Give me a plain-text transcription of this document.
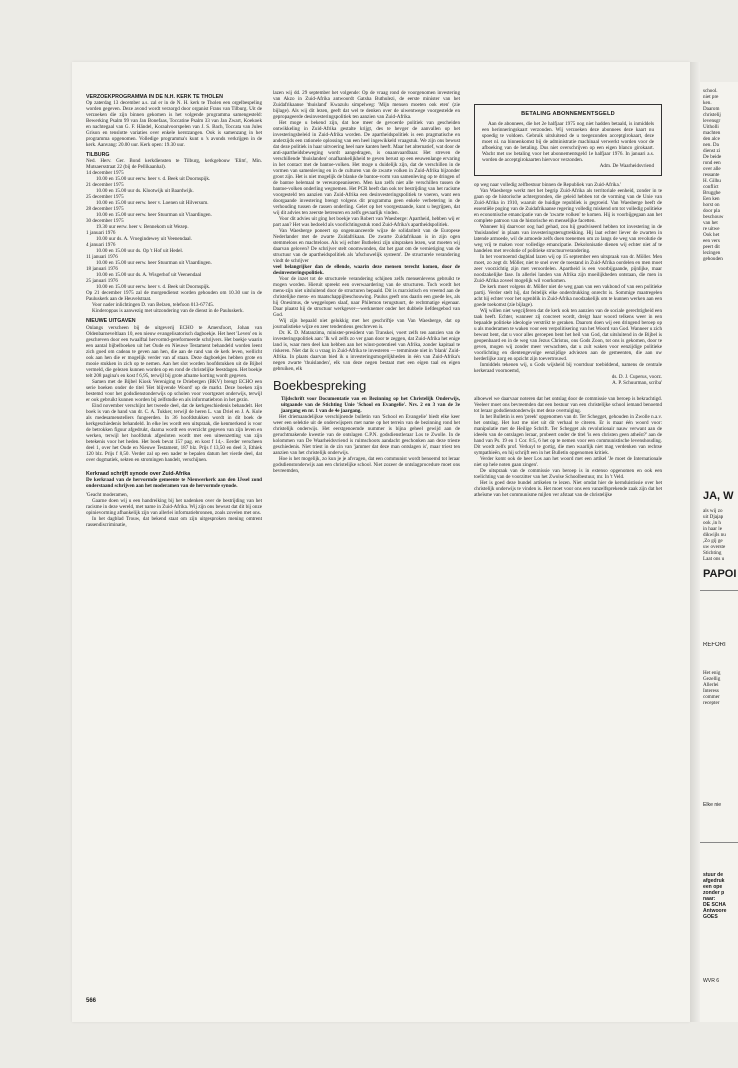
VERZOEKPROGRAMMA IN DE N.H. KERK TE THOLEN

Op zaterdag 13 december a.s. zal er in de N. H. kerk te Tholen een orgelbespeling worden gegeven. Deze avond wordt verzorgd door organist Frans van Tilburg. Uit de verzoeken die zijn binnen gekomen is het volgende programma samengesteld: Bewerking Psalm 99 van Jan Bonefaas, Toccatine Psalm 33 van Jan Zwart, Koekoek en nachtegaal van G. F. Händel, Koraalvoorspelen van J. S. Bach, Toccata van Jules Grison en tenslotte variaties over enkele kerstzangen. Ook is samenzang in het programma opgenomen. Volledige programma's kunt u 's avonds verkrijgen in de kerk. Aanvang: 20.00 uur. Kerk open: 19.30 uur.

TILBURG

Ned. Herv. Ger. Bond kerkdiensten te Tilburg, kerkgebouw 'Elim', Min. Mutsaersstraat 22 (bij de Pellikaanhal).

14 december 1975
10.00 en 15.00 uur eerw. heer v. d. Beek uit Doornspijk.
21 december 1975
10.00 en 15.00 uur ds. Klootwijk uit Baardwijk.
25 december 1975
10.00 en 15.00 uur eerw. heer v. Loenen uit Hilversum.
28 december 1975
10.00 en 15.00 uur eerw. heer Stuurman uit Vlaardingen.
30 december 1975
19.30 uur eerw. heer v. Bennekom uit Wezep.
1 januari 1976
10.00 uur ds. A. Vroegindewey uit Veenendaal.
4 januari 1976
10.00 en 15.00 uur ds. Op 't Hof uit Hedel.
11 januari 1976
10.00 en 15.00 uur eerw. heer Stuurman uit Vlaardingen.
18 januari 1976
10.00 en 15.00 uur ds. A. Wisgerhof uit Veenendaal
25 januari 1976
10.00 en 15.00 uur eerw. heer v. d. Beek uit Doornspijk.

Op 21 december 1975 zal de morgendienst worden gehouden om 10.30 uur in de Pauluskerk aan de Heuvelstraat.

Voor nader inlichtingen D. van Belzen, telefoon 013-67745.

Kinderoppas is aanwezig met uitzondering van de dienst in de Pauluskerk.

NIEUWE UITGAVEN

Onlangs verscheen bij de uitgeverij ECHO te Amersfoort, Johan van Oldenbarneveltlaan 10, een nieuw evangelisatorisch dagboekje. Het heet 'Leven' en is geschreven door een twaalftal hervormd-gereformeerde schrijvers. Het boekje waarin een aantal bijbelboeken uit het Oude en Nieuwe Testament behandeld worden leent zich goed om cadeau te geven aan hen, die aan de rand van de kerk leven, wellicht ook aan hen die er mogelijk verder van af staan. Deze dagboekjes hebben grote en mooie stukken in zich op te nemen. Aan het slot worden hoofdstukken uit de Bijbel vermeld, die gelezen kunnen worden op en rond de christelijke feestdagen. Het boekje telt 208 pagina's en kost f 6,95, terwijl bij grote afname korting wordt gegeven.

Samen met de Bijbel Kiosk Vereniging te Driebergen (BKV) brengt ECHO een serie boeken onder de titel 'Het blijvende Woord' op de markt. Deze boeken zijn bestemd voor het godsdienstonderwijs op scholen voor voortgezet onderwijs, terwijl er ook gebruikt kunnen worden bij zelfstudie en als informatiebron in het gezin.

Eind november verschijnt het tweede deel, dat de kerkgeschiedenis behandelt. Het boek is van de hand van dr. C. A. Tukker, terwijl de heren L. van Driel en J. A. Kole als medesamenstellers fungeerden. In 36 hoofdstukken wordt in dit boek de kerkgeschiedenis behandeld. In elke les wordt een uitspraak, die kenmerkend is voor de betrokken figuur afgedrukt, daarna wordt een overzicht gegeven van zijn leven en werken, terwijl het hoofdstuk afgesloten wordt met een uiteenzetting van zijn betekenis voor het heden. Het boek bevat 157 pag. en kost f 14,-. Eerder verscheen deel 1, over het Oude en Nieuwe Testament, 187 blz. Prijs f 13,50 en deel 3, Ethiek 120 blz. Prijs f 8,50. Verder zal op een nader te bepalen datum het vierde deel, dat over dogmatiek, sekten en stromingen handelt, verschijnen.

Kerkraad schrijft synode over Zuid-Afrika

De kerkraad van de hervormde gemeente te Nieuwerkerk aan den IJssel zond onderstaand schrijven aan het moderamen van de hervormde synode.

'Geacht moderamen,

Gaarne doen wij u een handreiking bij het nadenken over de bestrijding van het racisme in deze wereld, met name in Zuid-Afrika. Wij zijn ons bewust dat dit bij onze opinievorming afhankelijk zijn van allerlei informatiebronnen, zoals zovelen met ons.

In het dagblad Trouw, dat bekend staat om zijn uitgesproken mening omtrent rassendiscriminatie,

lazen wij dd. 29 september het volgende: Op de vraag rond de voorgenomen investering van Akzo in Zuid-Afrika antwoordt Gatsha Buthulezi, de eerste minister van het Zuidafrikaanse 'thuisland' Kwazulu simpelweg: 'Mijn mensen moeten ook eten' (zie bijlage). Als wij dit lezen, geeft dat wel te denken over de uiwentwege voorgestelde en gepropageerde desinvesteringspolitiek ten aanzien van Zuid-Afrika.

Het mogе u bekend zijn, dat hoe meer de gevoerde politiek van gescheiden ontwikkeling in Zuid-Afrika gestalte krijgt, des te hevger de aanvallen op het investeringsbeleid in Zuid-Afrika worden. De apartheidspolitiek is een pragmatische en anderzijds een rationele oplossing van een heel ingewikkeld vraagstuk. We zijn ons bewust dat deze politiek in haar uitvoering heel nare kanten heeft. Maar het alternatief, wat door de anti-apartheidsbeweging wordt aangedragen, is onaanvaardbaar. Het streven de verschillende 'thuislanden' onafhankelijkheid te geven berust op een eeuwenlange ervaring in het contact met de bantoe-volken. Het moge u duidelijk zijn, dat de verschillen in de vormen van samenleving en in de culturen van de zwarte volken in Zuid-Afrika bijzonder groot zijn. Het is niet mogelijk de blanke de bantoe-vorm van samenleving op te dringen of de bantoe helemaal te vereuropeaniseren. Men kan zelfs niet alle verschillen tussen de bantoe-volken onderling wegnemen. Het PCR heeft dan ook ter bestrijding van het racisme voorgesteld ten aanzien van Zuid-Afrika een desinvesteringspolitiek te voeren, want een doorgaande investering brengt volgens dit programma geen enkele verbetering in de verhouding tussen de rassen onderling. Gelet op het voorgestaande, kunt u begrijpen, dat wij dit advies ten zeerste betreuren en zelfs gevaarlijk vinden.

Voor dit advies uit ging het boekje van Robert van Waesberge: Apartheid, hebben wij er part aan? Het was bedoeld als voorlichtingsstuk rond Zuid-Afrika's apartheidspolitiek.

Van Waesberge poneert op ongenuanceerde wijze de solidariteit van de Europese Nederlander met de zwarte Zuidafrikaan. De zwarte Zuidafrikaan is in zijn ogen stemmeloos en machteloos. Als wij echter Buthelezi zijn uitspraken lezen, wat moeten wij daarvan geloven? De schrijver stelt onomwonden, dat het gaat om de vernietiging van de structuur van de apartheidspolitiek als 'afschuwelijk systeem'. De structurele verandering vindt de schrijver

veel belangrijker dan de ellende, waarin deze mensen terecht komen, door de desinvesteringspolitiek.

Voor de inzet tot de structurele verandering schijnen zelfs mensenlevens gebruikt te mogen worden. Hieruit spreekt een overwaardering van de structuren. Toch wordt het mens-zijn niet uitsluitend door de structuren bepaald. Dit is marxistisch en vreemd aan de christelijke mens- en maatschappijbeschouwing. Paulus geeft ons daarin een goede les, als hij Onesimus, de weggelopen slaaf, naar Philemon terugstuurt, de rechtmatige eigenaar. Daar plaatst hij de structuur werkgever—werknemer onder het dubbele liefdesgebod van God.

Wij zijn bepaald niet gelukkig met het geschriftje van Van Waesberge, dat op journalistieke wijze en zeer tendentieus geschreven is.

Dr. K. D. Matanzima, minister-president van Transkei, voert zelfs ten aanzien van de investeringspolitiek aan: 'Ik wil zelfs zo ver gaan door te zeggen, dat Zuid-Afrika het enige land is, waar men deel kan hebben aan het winst-potentieel van Afrika, zonder kapitaal te riskeren. Niet dat ik u vraag in Zuid-Afrika te investeren — temminste niet in 'blank' Zuid-Afrika. In plaats daarvan bied ik u investeringsmogelijkheden in één van Zuid-Afrika's negen zwarte 'thuislanden', elk van deze negen bestaat met een eigen taal en eigen gebruiken, elk

Boekbespreking

Tijdschrift voor Documentatie van en Bezinning op het Christelijk Onderwijs, uitgaande van de Stichting Unie 'School en Evangelie'. Nrs. 2 en 3 van de 3e jaargang en nr. 1 van de 4e jaargang.

Het driemaandelijkse verschijnende bulletin van 'School en Evangelie' biedt elke keer weer een selektie uit de onderwijspers met name op het terrein van de bezinning rond het christelijk onderwijs. Het eerstgenoemde nummer is bijna geheel gewijd aan de geruchtmakende kwestie van de ontslagen C.P.N. godsdienstleraar Los te Zwolle. In de kolommen van De Waarheidsvriend is ruimschoots aandacht geschonken aan deze trieste geschiedenis. Niet triest in de zin van 'jammer dat deze man ontslagen is', maar triest ten aanzien van het christelijk onderwijs.

Hoe is het mogelijk, zo kun je je afvragen, dat een communist wordt benoemd tot leraar godsdienstonderwijs aan een christelijke school. Niet zozeer de ontslagprocedure moet ons bevreemden,

BETALING ABONNEMENTSGELD

Aan de abonnees, die het 2e halfjaar 1975 nog niet hadden betaald, is inmiddels een herinneringskaart verzonden. Wij verzoeken deze abonnees deze kaart nu spoedig te voldoen. Gebruik uitsluitend de u toegezonden acceptgirokaart, deze moet nl. na binnenkomst bij de administratie machinaal verwerkt worden voor de afboeking van de betaling. Dus niet overschrijven op een eigen blanco girokaart. Wacht met uw betaling voor het abonnementsgeld 1e halfjaar 1976. In januari a.s. worden de acceptgirokaarten hiervoor verzonden.

Adm. De Waarheidsvriend

op weg naar volledig zelfbestuur binnen de Republiek van Zuid-Afrika.'

Van Waesberge werkt met het begrip Zuid-Afrika als territoriale eenheid, zonder in te gaan op de historische achtergronden, die geleid hebben tot de vorming van de Unie van Zuid-Afrika in 1910, waaruit de huidige republiek is gegroeid. Van Waesberge heeft de essentiële poging van de Zuidafrikaanse regering volledig miskend om tot volledig politieke en economische emancipatie van de 'zwarte volken' te komen. Hij is voorbijgegaan aan het complete patroon van de historische en menselijke facetten.

Wanneer hij daarvoor oog had gehad, zou hij geadviseerd hebben tot investering in de 'thuislanden' in plaats van investeringsterugtrekking. Hij laat echter liever de zwarten in latende armoede, wil de armoede zelfs doen toenemen om zo langs de weg van revolutie de weg vrij te maken voor volledige emancipatie. Dekolonisatie dienen wij echter niet af te handelen met revolutie of politieke structuurverandering.

In het voornoemd dagblad lazen wij op 15 september een uitspraak van dr. Möller. Men moet, zo zegt dr. Möller, niet te snel over de toestand in Zuid-Afrika oordelen en men moet zeer voorzichtig zijn met veroordelen. Apartheid is een voorbijgaande, pijnlijke, maar noodzakelijke fase. In allerlei landen van Afrika zijn moeilijkheden ontstaan, die men in Zuid-Afrika zoveel mogelijk wil voorkomen.

De kerk moet volgens dr. Möller niet de weg gaan van een vakbond of van een politieke partij. Verder stelt hij, dat feitelijk elke onderdrukking onrecht is. Sommige maatregelen acht hij echter voor het ogenblik in Zuid-Afrika noodzakelijk om te kunnen werken aan een goede toekomst (zie bijlage).

Wij willen niet wegcijferen dat de kerk ook ten aanzien van de sociale gerechtigheid een taak heeft. Echter, wanneer zij concreet wordt, dreigt haar woord telkens weer in een bepaalde politieke ideologie verstrikt te geraken. Daarom doen wij een dringend beroep op u als moderamen te waken voor een verpolitisering van het Woord van God. Wanneer u zich bewust bent, dat u voor alles geroepen bent het heil van God, dat uitsluitend in de Bijbel is geopenbaard en in de weg van Jezus Christus, ons Gods Zoon, tot ons is gekomen, door te geven, mogen wij zonder meer verwachten, dat u zult waken voor eenzijdige politieke voorlichting en dientengevolge eenzijdige adviezen aan de gemeenten, die aan uw herderlijke zorg en opzicht zijn toevertrouwd.

Inmiddels tekenen wij, u Gods wijsheid bij voortduur toebiddend, namens de centrale kerkeraad voornoemd,

ds. D. J. Cuperus, voorz.

A. P. Schuurman, scriba'

alboewel we daarvaar noteren dat het ontslag door de commissie van beroep is bekrachtigd. Veeleer moet ons bevreemden dat een bestuur van een christelijke school iemand benoemd tot leraar godsdienstonderwijs met deze overtuiging.

In het Bulletin is een 'preek' opgenomen van dr. Ter Schegget, gehouden in Zwolle n.a.v. het ontslag. Het lust me niet uit dit verhaal te citeren. Er is maar één woord voor: manipulatie met de Heilige Schrift. Ter Schegget als revolutionair nauw verwant aan de ideeën van de ontslagen leraar, probeert onder de titel 'is een christen geen atheïst?' aan de hand van Ps. 19 en 1 Cor. 8:5, 6 het op te nemen voor een communistische levenshouding. Dit wordt zelfs prof. Verkuyl te gortig, die men waarlijk niet mag verdenken van rechtse sympathieën, en hij schrijft een in het Bulletin opgenomen kritiek.

Verder komt ook de heer Los aan het woord met een artikel 'Je moet de Internationale niet op hele noten gaan zingen'.

De uitspraak van de commissie van beroep is in extenso opgenomen en ook een toelichting van de voorzitter van het Zwolse Schoolbestuur, mr. In 't Veld.

Het is goed deze bundel artikelen te lezen. Niet omdat hier de kernduistissie over het christelijk onderwijs te vinden is. Het moet voor ons een vanzelfsprekende zaak zijn dat het atheïsme van het communisme mijlen ver afstaat van de christelijke

566
school.
niet pre
ken.
Daarom
christelij
levensgr
Uitholli
machten
den alce
nen. Da
dienst zi
De beide
rond een
over alle
ressante
H. Gilhu
conflict
Brugghe
Een ken
horst on
door pla
beschouw
van het
re uitwe
Ook het
een vers
peert dit
lezingen
gehouden
JA, W
als wij zo
uit Djajap
ook ,in h
in haar le
dikwijls nu
,Zo gij ge
uw overste
Stichting
Laat ons u
PAPOI
REFORI
Het enig
Gezellig
Allerlei
Interess
commer
recepter
Elke nie
stuur de
afgedruk
een ope
zonder p
naar:
DE SCHA
Antwoore
GOES
WVR 6
